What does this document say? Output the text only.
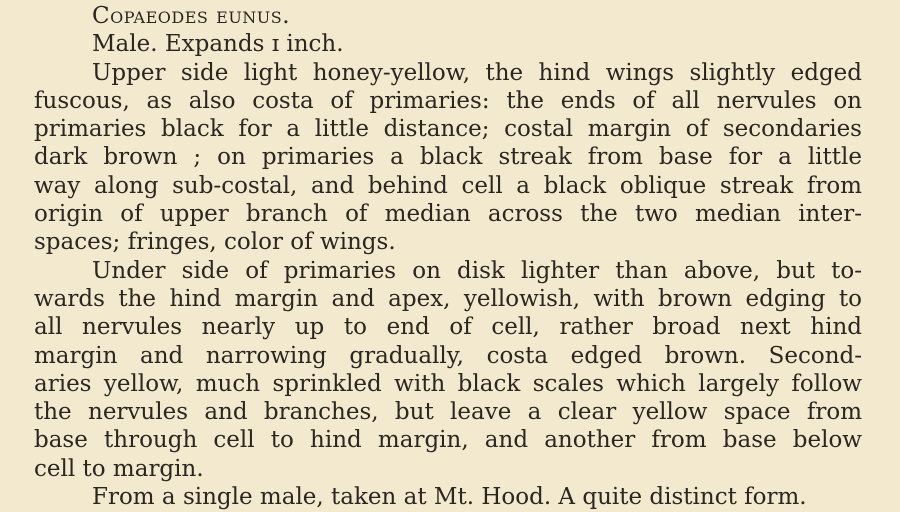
Copaeodes eunus.
Male. Expands ɪ inch.
Upper side light honey-yellow, the hind wings slightly edged
fuscous, as also costa of primaries: the ends of all nervules on
primaries black for a little distance; costal margin of secondaries
dark brown ; on primaries a black streak from base for a little
way along sub-costal, and behind cell a black oblique streak from
origin of upper branch of median across the two median inter-
spaces; fringes, color of wings.
Under side of primaries on disk lighter than above, but to-
wards the hind margin and apex, yellowish, with brown edging to
all nervules nearly up to end of cell, rather broad next hind
margin and narrowing gradually, costa edged brown. Second-
aries yellow, much sprinkled with black scales which largely follow
the nervules and branches, but leave a clear yellow space from
base through cell to hind margin, and another from base below
cell to margin.
From a single male, taken at Mt. Hood. A quite distinct form.
